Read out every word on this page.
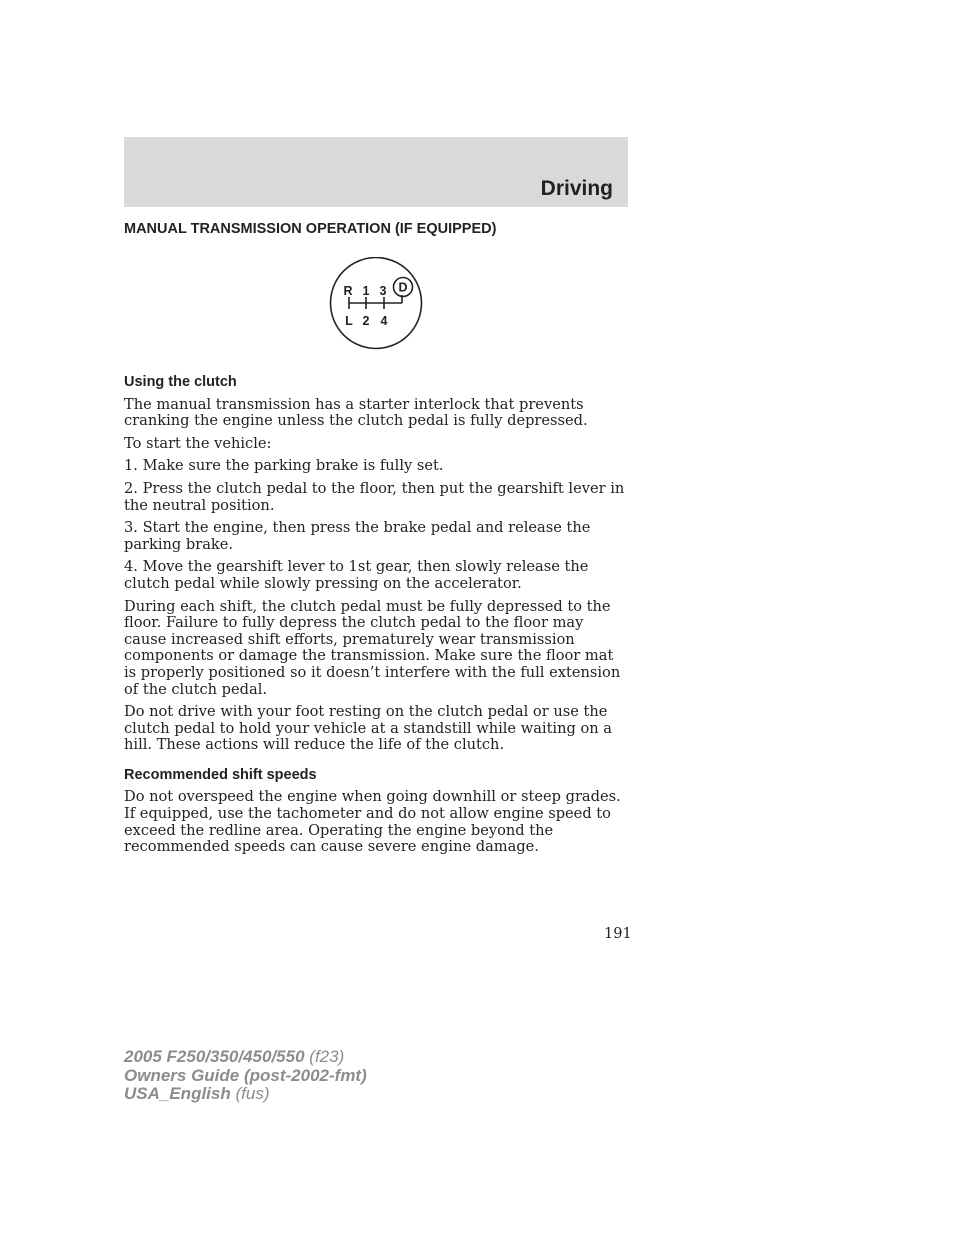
Driving
MANUAL TRANSMISSION OPERATION (IF EQUIPPED)
R 1 3 D
L 2 4
Using the clutch

The manual transmission has a starter interlock that prevents cranking the engine unless the clutch pedal is fully depressed.

To start the vehicle:

1. Make sure the parking brake is fully set.

2. Press the clutch pedal to the floor, then put the gearshift lever in the neutral position.

3. Start the engine, then press the brake pedal and release the parking brake.

4. Move the gearshift lever to 1st gear, then slowly release the clutch pedal while slowly pressing on the accelerator.

During each shift, the clutch pedal must be fully depressed to the floor. Failure to fully depress the clutch pedal to the floor may cause increased shift efforts, prematurely wear transmission components or damage the transmission. Make sure the floor mat is properly positioned so it doesn’t interfere with the full extension of the clutch pedal.

Do not drive with your foot resting on the clutch pedal or use the clutch pedal to hold your vehicle at a standstill while waiting on a hill. These actions will reduce the life of the clutch.

Recommended shift speeds

Do not overspeed the engine when going downhill or steep grades. If equipped, use the tachometer and do not allow engine speed to exceed the redline area. Operating the engine beyond the recommended speeds can cause severe engine damage.

191
2005 F250/350/450/550 (f23)
Owners Guide (post-2002-fmt)
USA_English (fus)
